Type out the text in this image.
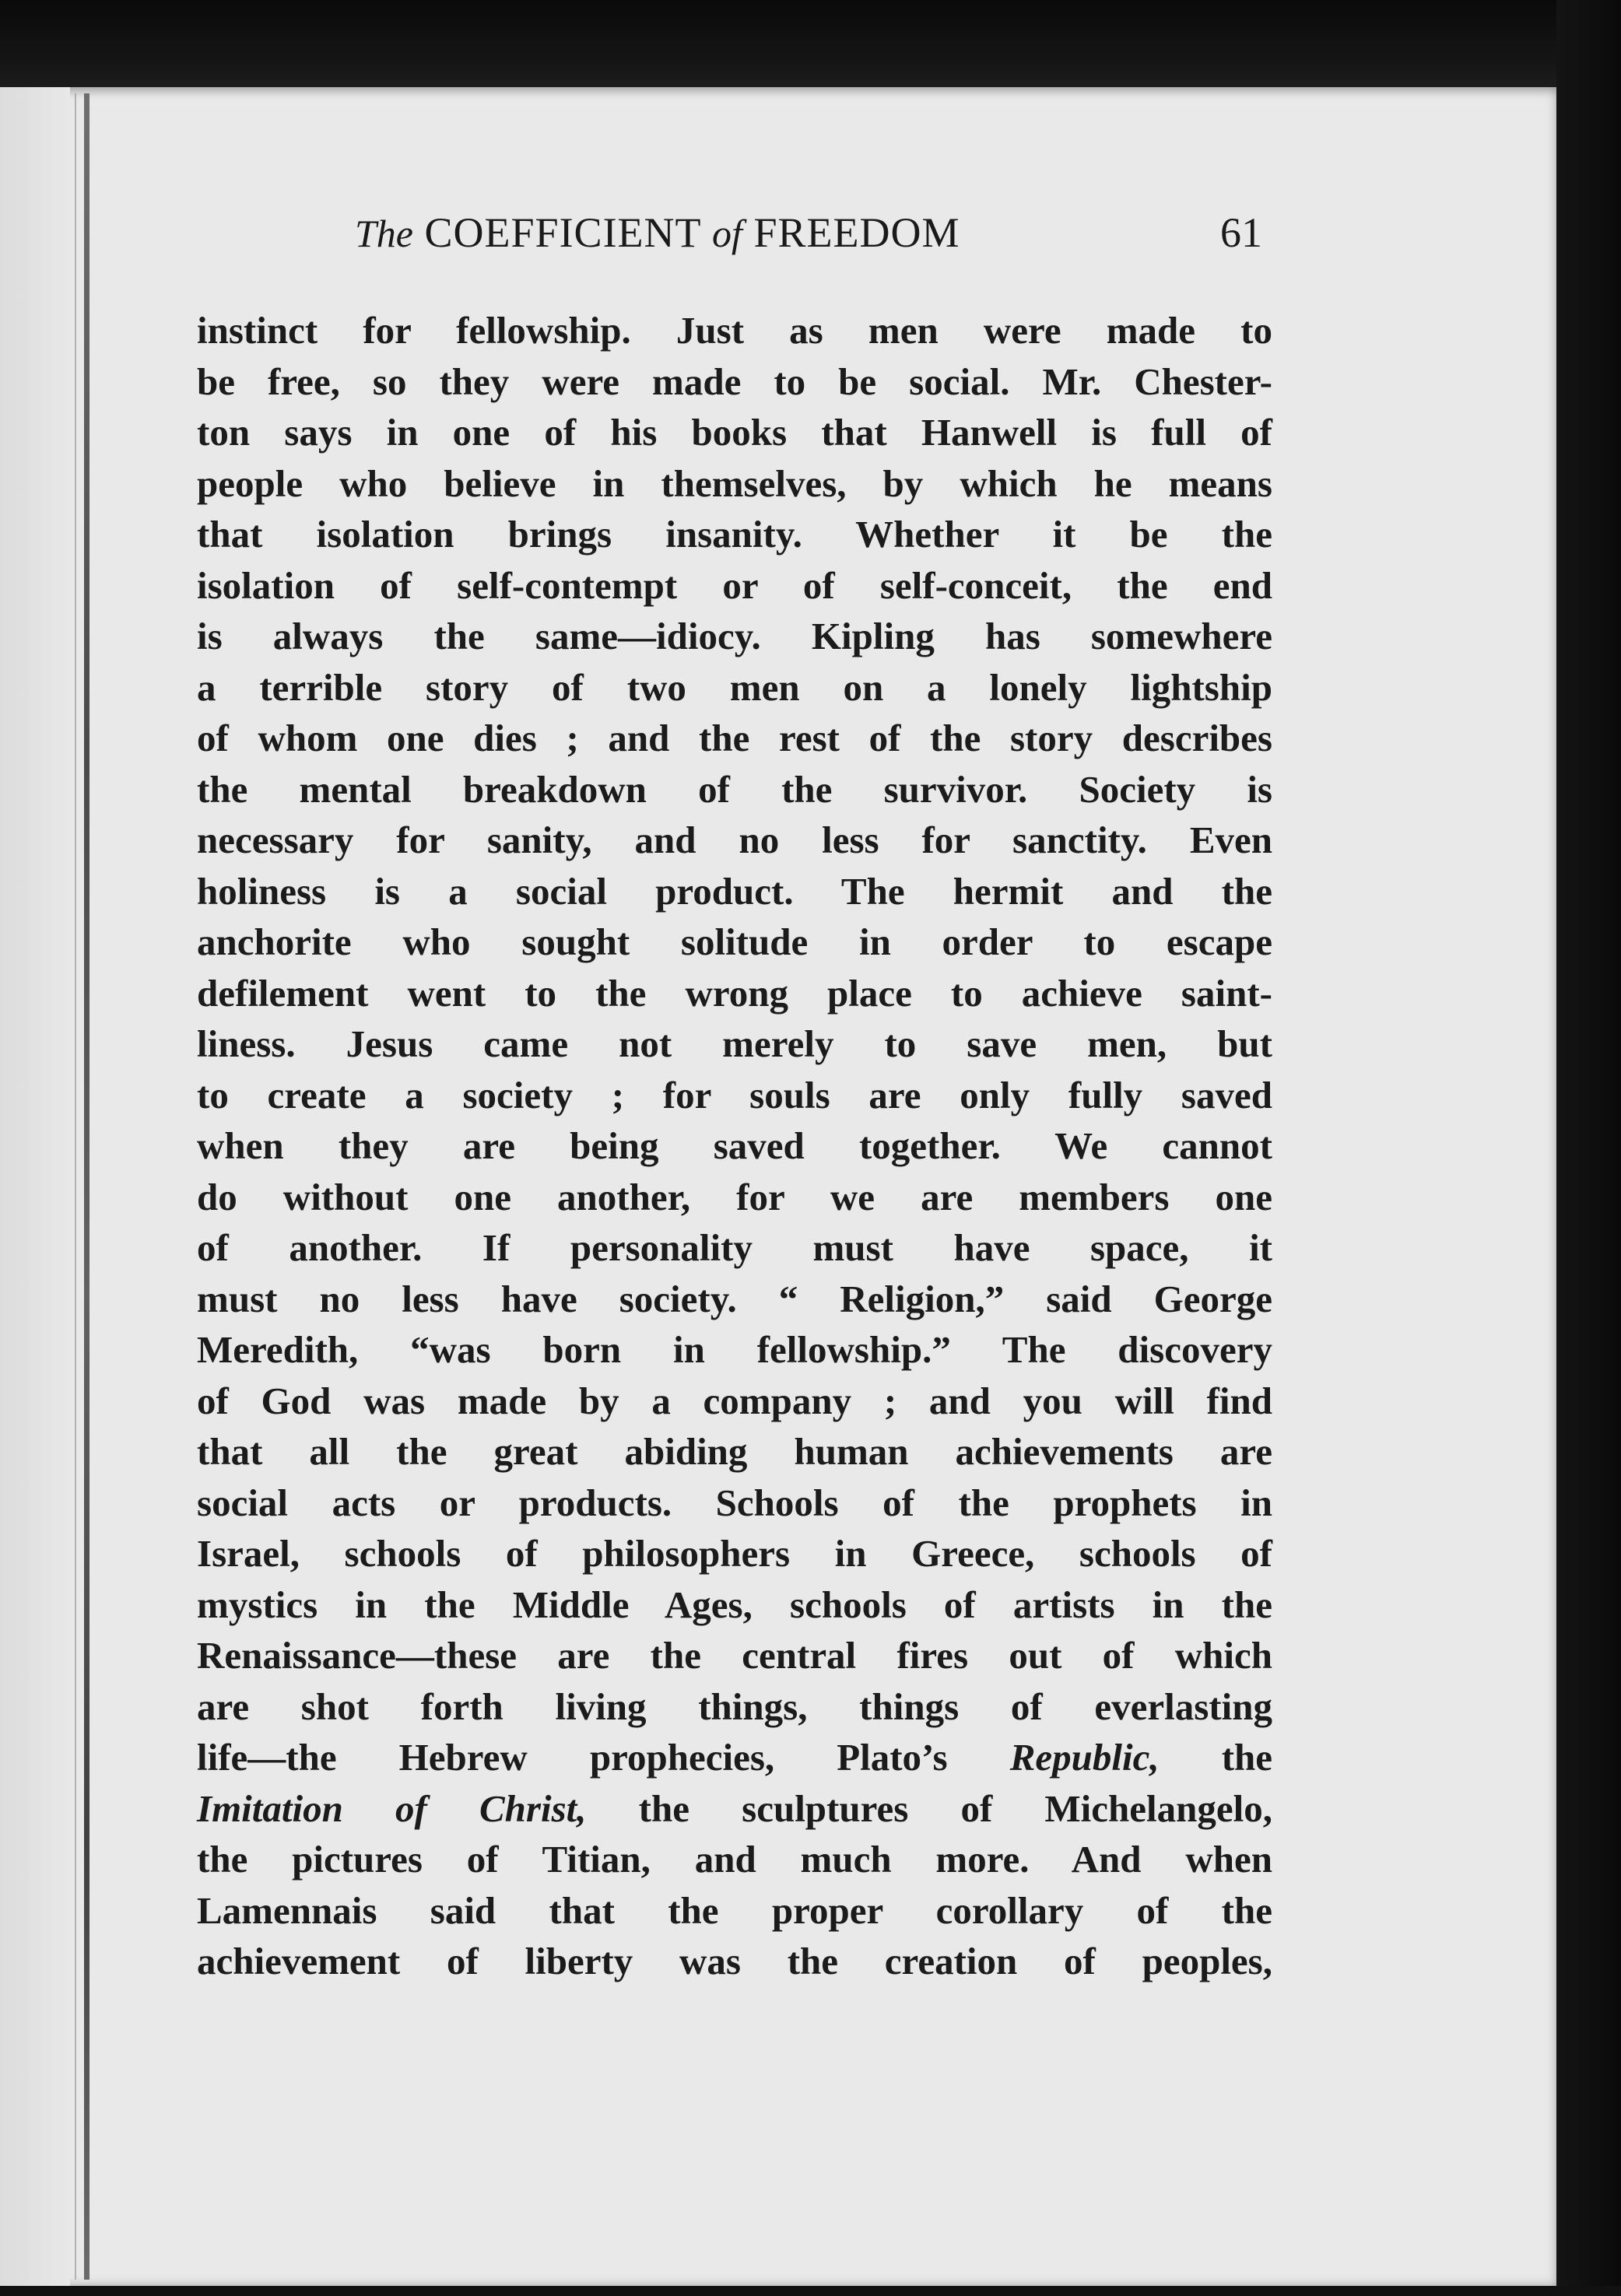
The COEFFICIENT of FREEDOM	61
instinct for fellowship. Just as men were made to
be free, so they were made to be social. Mr. Chester-
ton says in one of his books that Hanwell is full of
people who believe in themselves, by which he means
that isolation brings insanity. Whether it be the
isolation of self-contempt or of self-conceit, the end
is always the same—idiocy. Kipling has somewhere
a terrible story of two men on a lonely lightship
of whom one dies ; and the rest of the story describes
the mental breakdown of the survivor. Society is
necessary for sanity, and no less for sanctity. Even
holiness is a social product. The hermit and the
anchorite who sought solitude in order to escape
defilement went to the wrong place to achieve saint-
liness. Jesus came not merely to save men, but
to create a society ; for souls are only fully saved
when they are being saved together. We cannot
do without one another, for we are members one
of another. If personality must have space, it
must no less have society. “ Religion,” said George
Meredith, “was born in fellowship.” The discovery
of God was made by a company ; and you will find
that all the great abiding human achievements are
social acts or products. Schools of the prophets in
Israel, schools of philosophers in Greece, schools of
mystics in the Middle Ages, schools of artists in the
Renaissance—these are the central fires out of which
are shot forth living things, things of everlasting
life—the Hebrew prophecies, Plato’s Republic, the
Imitation of Christ, the sculptures of Michelangelo,
the pictures of Titian, and much more. And when
Lamennais said that the proper corollary of the
achievement of liberty was the creation of peoples,
